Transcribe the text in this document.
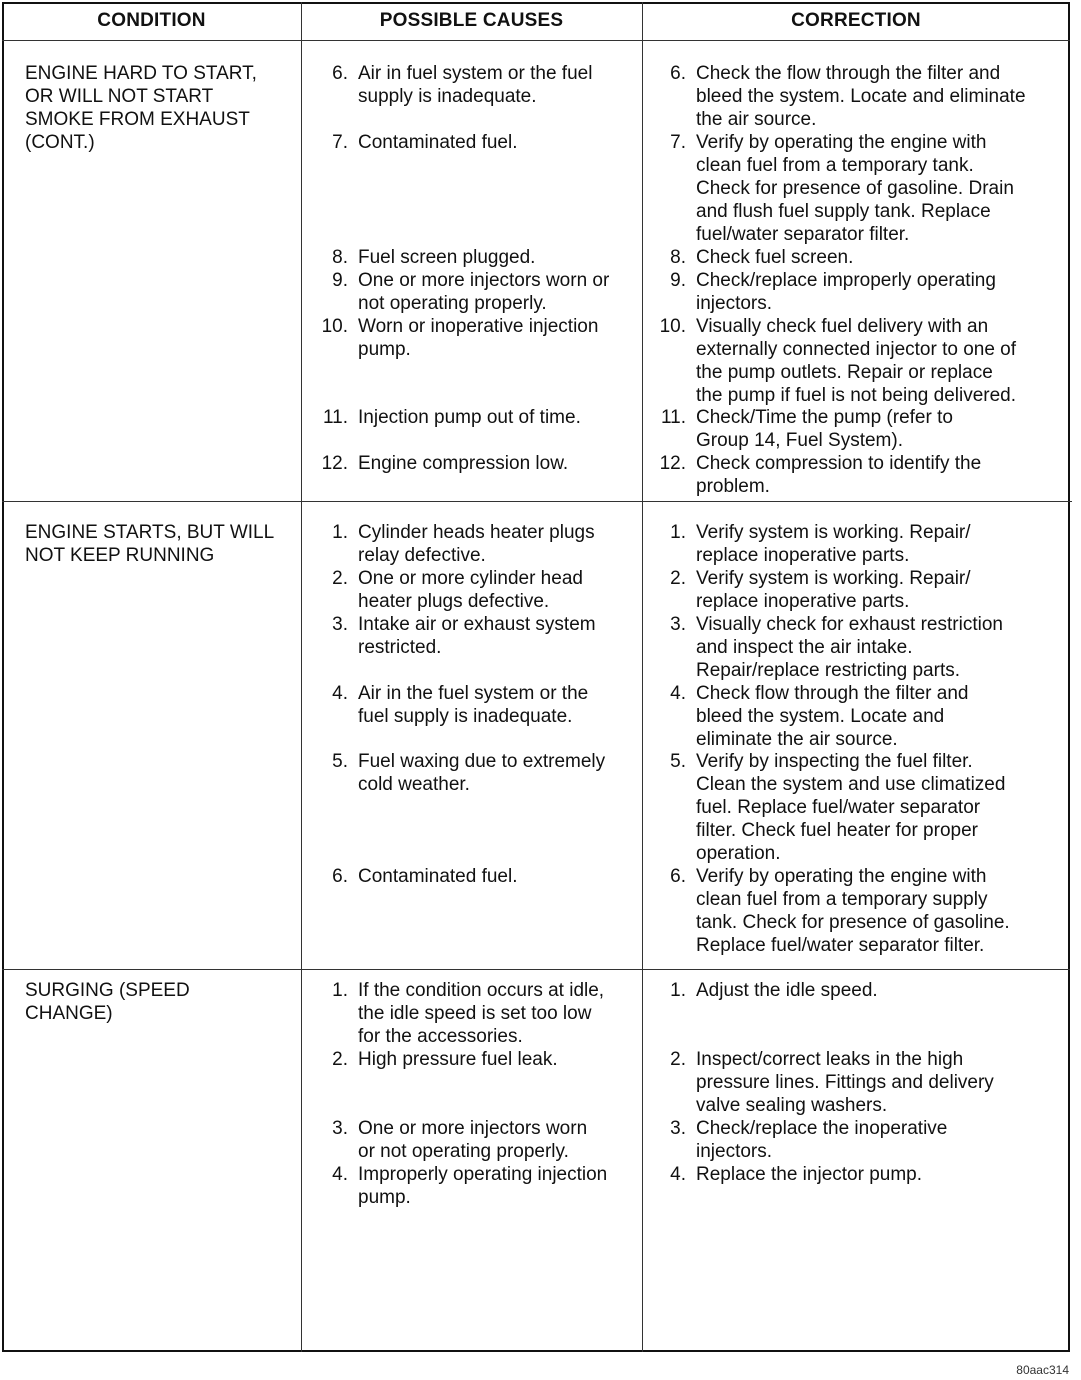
CONDITION	POSSIBLE CAUSES	CORRECTION
80aac314
ENGINE HARD TO START,
OR WILL NOT START
SMOKE FROM EXHAUST
(CONT.)
6. Air in fuel system or the fuel
supply is inadequate.
7. Contaminated fuel.
8. Fuel screen plugged.
9. One or more injectors worn or
not operating properly.
10. Worn or inoperative injection
pump.
11. Injection pump out of time.
12. Engine compression low.
6. Check the flow through the filter and
bleed the system. Locate and eliminate
the air source.
7. Verify by operating the engine with
clean fuel from a temporary tank.
Check for presence of gasoline. Drain
and flush fuel supply tank. Replace
fuel/water separator filter.
8. Check fuel screen.
9. Check/replace improperly operating
injectors.
10. Visually check fuel delivery with an
externally connected injector to one of
the pump outlets. Repair or replace
the pump if fuel is not being delivered.
11. Check/Time the pump (refer to
Group 14, Fuel System).
12. Check compression to identify the
problem.
ENGINE STARTS, BUT WILL
NOT KEEP RUNNING
1. Cylinder heads heater plugs
relay defective.
2. One or more cylinder head
heater plugs defective.
3. Intake air or exhaust system
restricted.
4. Air in the fuel system or the
fuel supply is inadequate.
5. Fuel waxing due to extremely
cold weather.
6. Contaminated fuel.
1. Verify system is working. Repair/
replace inoperative parts.
2. Verify system is working. Repair/
replace inoperative parts.
3. Visually check for exhaust restriction
and inspect the air intake.
Repair/replace restricting parts.
4. Check flow through the filter and
bleed the system. Locate and
eliminate the air source.
5. Verify by inspecting the fuel filter.
Clean the system and use climatized
fuel. Replace fuel/water separator
filter. Check fuel heater for proper
operation.
6. Verify by operating the engine with
clean fuel from a temporary supply
tank. Check for presence of gasoline.
Replace fuel/water separator filter.
SURGING (SPEED
CHANGE)
1. If the condition occurs at idle,
the idle speed is set too low
for the accessories.
2. High pressure fuel leak.
3. One or more injectors worn
or not operating properly.
4. Improperly operating injection
pump.
1. Adjust the idle speed.
2. Inspect/correct leaks in the high
pressure lines. Fittings and delivery
valve sealing washers.
3. Check/replace the inoperative
injectors.
4. Replace the injector pump.
